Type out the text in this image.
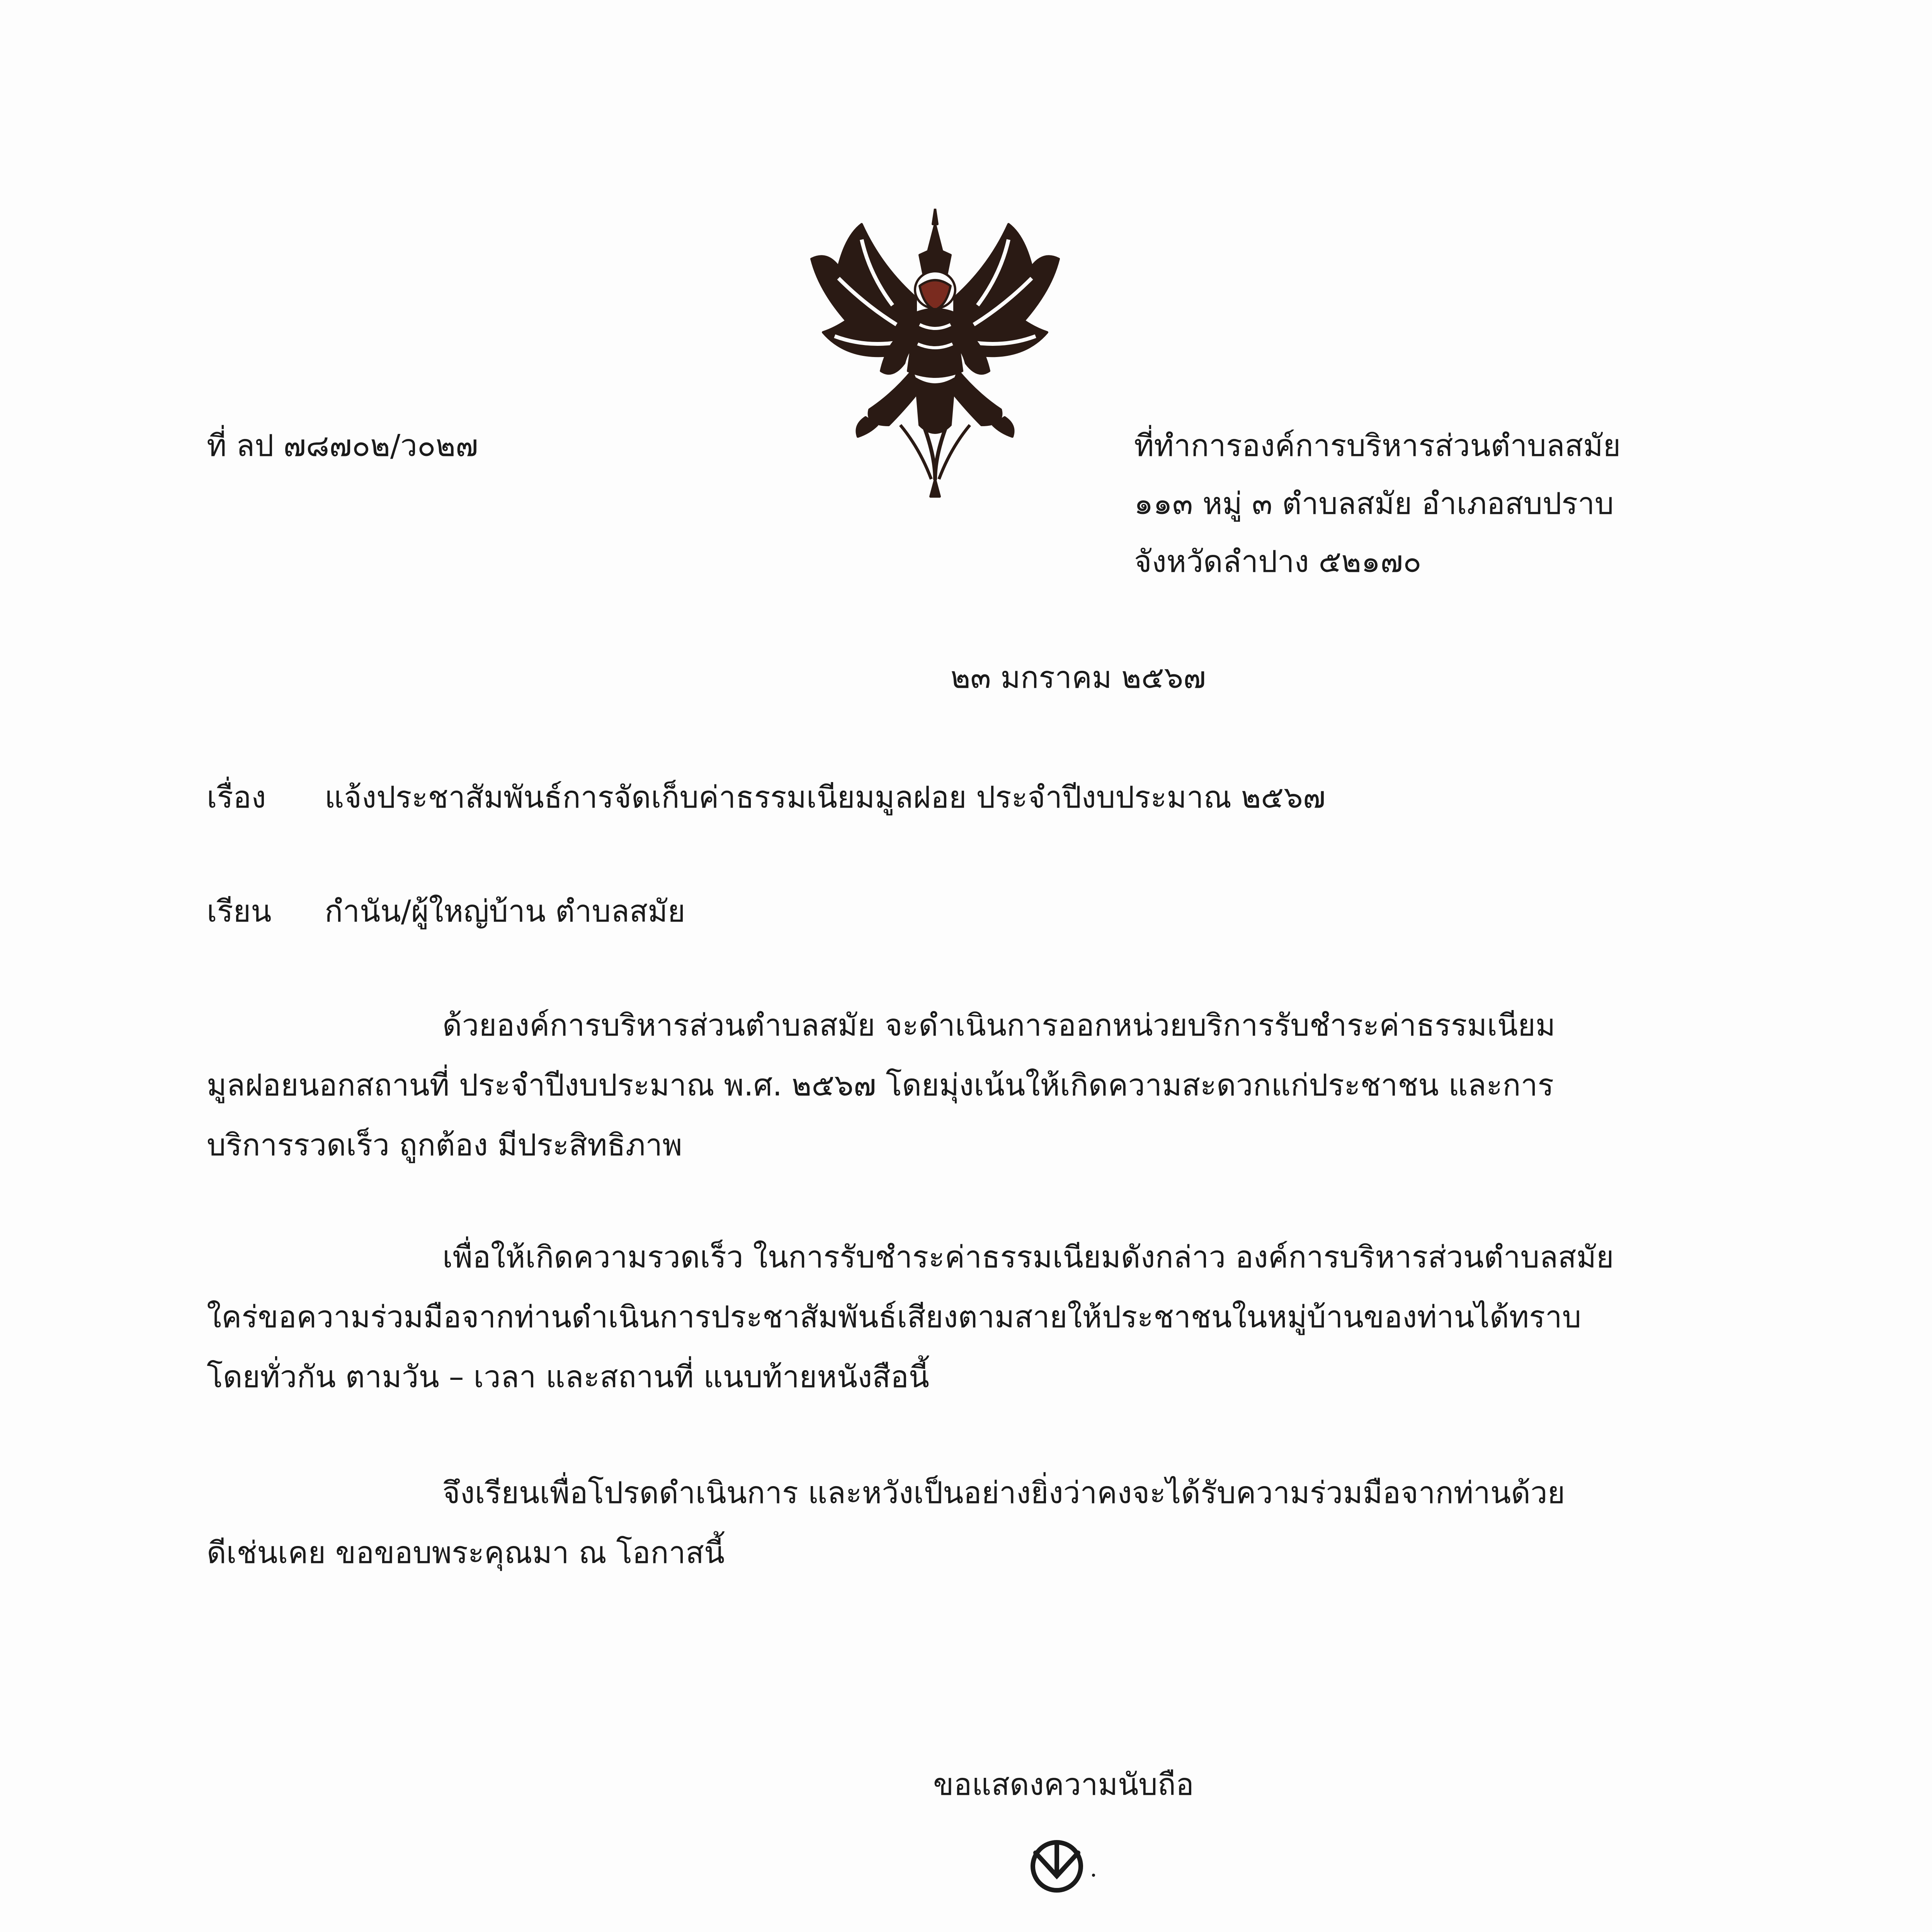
ที่ ลป ๗๘๗๐๒/ว๐๒๗	ที่ทำการองค์การบริหารส่วนตำบลสมัย
๑๑๓ หมู่ ๓ ตำบลสมัย อำเภอสบปราบ
จังหวัดลำปาง ๕๒๑๗๐
๒๓ มกราคม ๒๕๖๗
เรื่อง แจ้งประชาสัมพันธ์การจัดเก็บค่าธรรมเนียมมูลฝอย ประจำปีงบประมาณ ๒๕๖๗
เรียน กำนัน/ผู้ใหญ่บ้าน ตำบลสมัย
ด้วยองค์การบริหารส่วนตำบลสมัย จะดำเนินการออกหน่วยบริการรับชำระค่าธรรมเนียม
มูลฝอยนอกสถานที่ ประจำปีงบประมาณ พ.ศ. ๒๕๖๗ โดยมุ่งเน้นให้เกิดความสะดวกแก่ประชาชน และการ
บริการรวดเร็ว ถูกต้อง มีประสิทธิภาพ
เพื่อให้เกิดความรวดเร็ว ในการรับชำระค่าธรรมเนียมดังกล่าว องค์การบริหารส่วนตำบลสมัย
ใคร่ขอความร่วมมือจากท่านดำเนินการประชาสัมพันธ์เสียงตามสายให้ประชาชนในหมู่บ้านของท่านได้ทราบ
โดยทั่วกัน ตามวัน – เวลา และสถานที่ แนบท้ายหนังสือนี้
จึงเรียนเพื่อโปรดดำเนินการ และหวังเป็นอย่างยิ่งว่าคงจะได้รับความร่วมมือจากท่านด้วย
ดีเช่นเคย ขอขอบพระคุณมา ณ โอกาสนี้
ขอแสดงความนับถือ
